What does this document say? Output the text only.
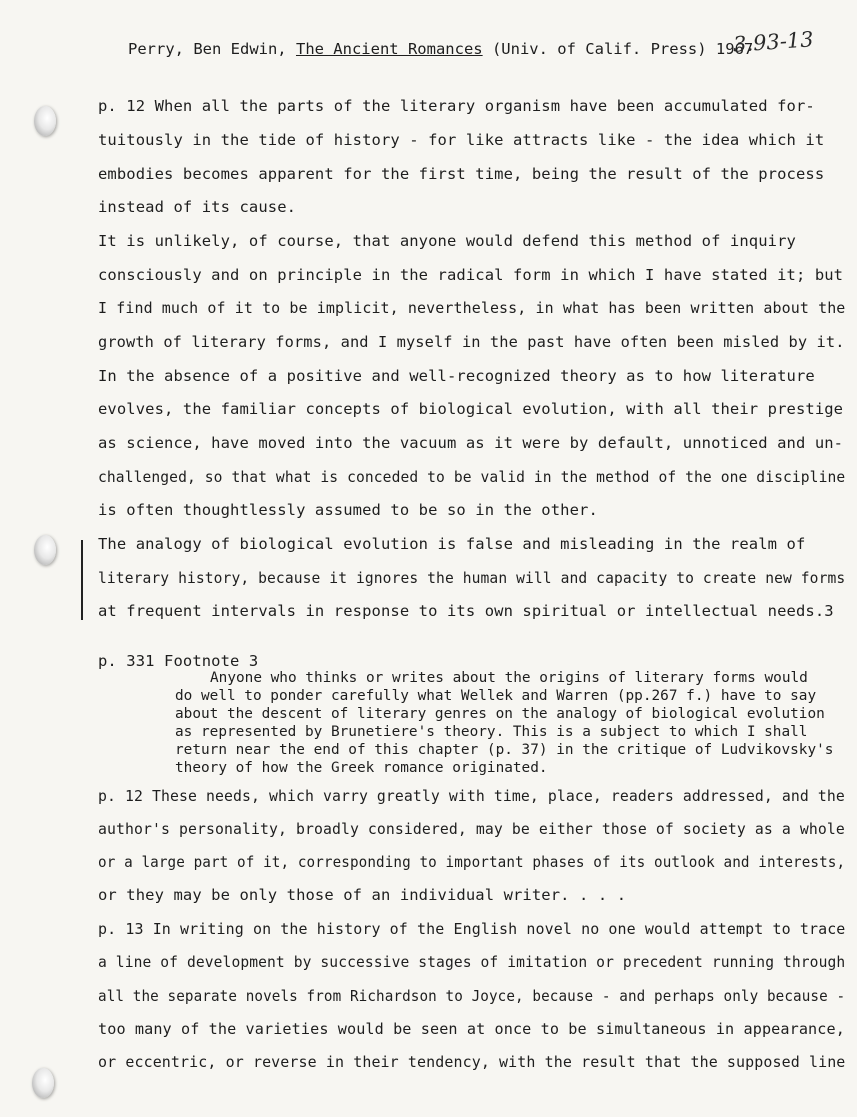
Perry, Ben Edwin, The Ancient Romances (Univ. of Calif. Press) 1967
3.93-13
p. 12 When all the parts of the literary organism have been accumulated for-
tuitously in the tide of history - for like attracts like - the idea which it
embodies becomes apparent for the first time, being the result of the process
instead of its cause.
It is unlikely, of course, that anyone would defend this method of inquiry
consciously and on principle in the radical form in which I have stated it; but
I find much of it to be implicit, nevertheless, in what has been written about the
growth of literary forms, and I myself in the past have often been misled by it.
In the absence of a positive and well-recognized theory as to how literature
evolves, the familiar concepts of biological evolution, with all their prestige
as science, have moved into the vacuum as it were by default, unnoticed and un-
challenged, so that what is conceded to be valid in the method of the one discipline
is often thoughtlessly assumed to be so in the other.
The analogy of biological evolution is false and misleading in the realm of
literary history, because it ignores the human will and capacity to create new forms
at frequent intervals in response to its own spiritual or intellectual needs.3
p. 331 Footnote 3
Anyone who thinks or writes about the origins of literary forms would
do well to ponder carefully what Wellek and Warren (pp.267 f.) have to say
about the descent of literary genres on the analogy of biological evolution
as represented by Brunetiere's theory. This is a subject to which I shall
return near the end of this chapter (p. 37) in the critique of Ludvikovsky's
theory of how the Greek romance originated.
p. 12 These needs, which varry greatly with time, place, readers addressed, and the
author's personality, broadly considered, may be either those of society as a whole
or a large part of it, corresponding to important phases of its outlook and interests,
or they may be only those of an individual writer. . . .
p. 13 In writing on the history of the English novel no one would attempt to trace
a line of development by successive stages of imitation or precedent running through
all the separate novels from Richardson to Joyce, because - and perhaps only because -
too many of the varieties would be seen at once to be simultaneous in appearance,
or eccentric, or reverse in their tendency, with the result that the supposed line
